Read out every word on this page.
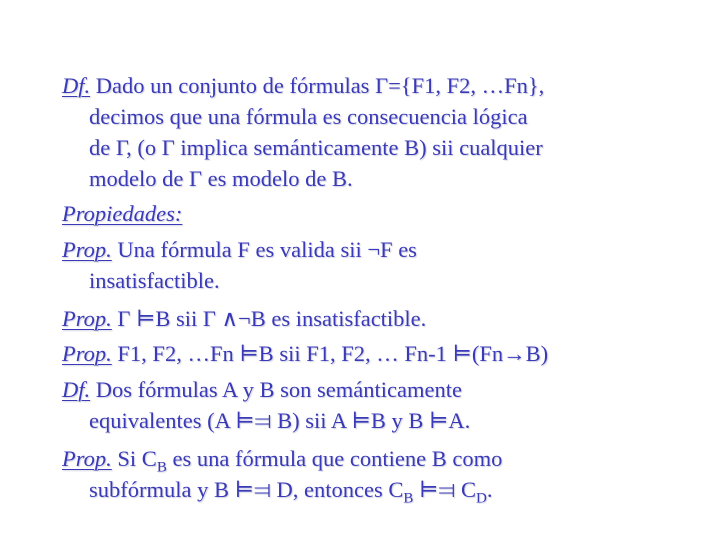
Df. Dado un conjunto de fórmulas Γ={F1, F2, …Fn},
decimos que una fórmula es consecuencia lógica
de Γ, (o Γ implica semánticamente B) sii cualquier
modelo de Γ es modelo de B.
Propiedades:
Prop. Una fórmula F es valida sii ¬F es
insatisfactible.
Prop. Γ ⊨B sii Γ ∧¬B es insatisfactible.
Prop. F1, F2, …Fn ⊨B sii F1, F2, … Fn-1 ⊨(Fn→B)
Df. Dos fórmulas A y B son semánticamente
equivalentes (A ⊨⫤ B) sii A ⊨B y B ⊨A.
Prop. Si $C_B$ es una fórmula que contiene B como
subfórmula y B ⊨⫤ D, entonces $C_B$ ⊨⫤ $C_D$.
